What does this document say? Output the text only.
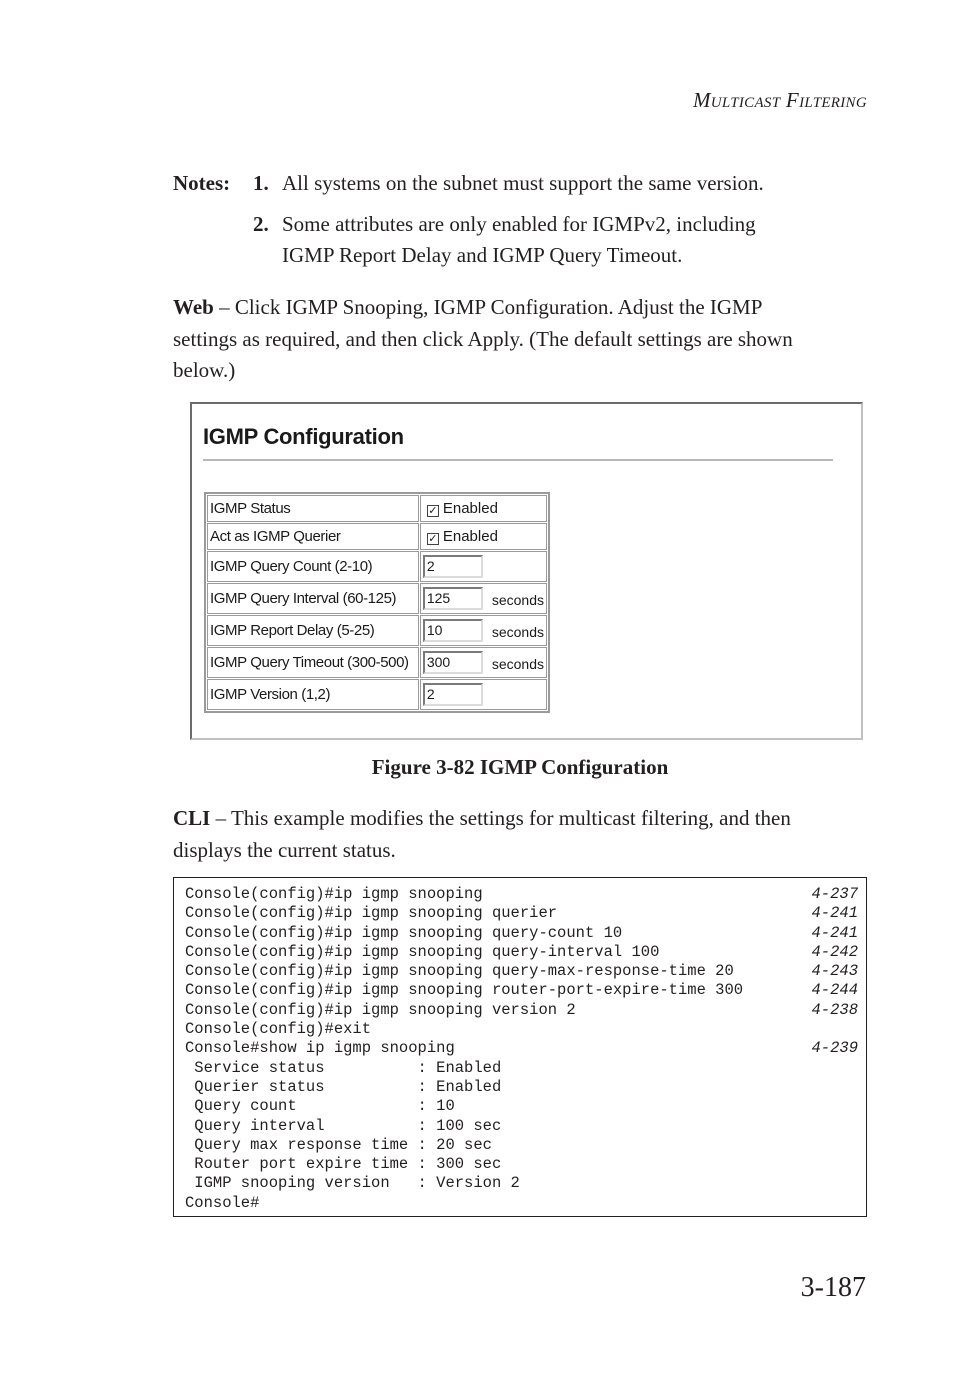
MULTICAST FILTERING
Notes: 1. All systems on the subnet must support the same version.
2. Some attributes are only enabled for IGMPv2, including
IGMP Report Delay and IGMP Query Timeout.
Web – Click IGMP Snooping, IGMP Configuration. Adjust the IGMP
settings as required, and then click Apply. (The default settings are shown
below.)
IGMP Configuration
IGMP Status	✓ Enabled
Act as IGMP Querier	✓ Enabled
IGMP Query Count (2-10)	2
IGMP Query Interval (60-125)	125 seconds

IGMP Report Delay (5-25)	10 seconds

IGMP Query Timeout (300-500)	300 seconds

IGMP Version (1,2)	2
Figure 3-82 IGMP Configuration
CLI – This example modifies the settings for multicast filtering, and then
displays the current status.
Console(config)#ip igmp snooping	4-237
Console(config)#ip igmp snooping querier	4-241
Console(config)#ip igmp snooping query-count 10	4-241
Console(config)#ip igmp snooping query-interval 100	4-242
Console(config)#ip igmp snooping query-max-response-time 20	4-243
Console(config)#ip igmp snooping router-port-expire-time 300	4-244
Console(config)#ip igmp snooping version 2	4-238
Console(config)#exit
Console#show ip igmp snooping	4-239
Service status          : Enabled
Querier status          : Enabled
Query count             : 10
Query interval          : 100 sec
Query max response time : 20 sec
Router port expire time : 300 sec
IGMP snooping version   : Version 2
Console#
3-187
